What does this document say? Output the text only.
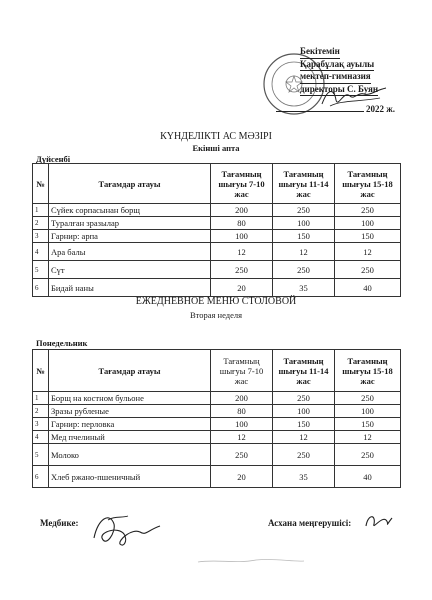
Бекітемін
Қарабұлақ ауылы
мектеп-гимназия
директоры С. Буян
2022 ж.
КҮНДЕЛІКТІ АС МӘЗІРІ
Екінші апта
Дүйсенбі
№	Тағамдар атауы	Тағамның шығуы 7-10 жас	Тағамның шығуы 11-14 жас	Тағамның шығуы 15-18 жас
1	Сүйек сорпасынан борщ	200	250	250
2	Туралған зразылар	80	100	100
3	Гарнир: арпа	100	150	150
4	Ара балы	12	12	12
5	Сүт	250	250	250
6	Бидай наны	20	35	40
ЕЖЕДНЕВНОЕ МЕНЮ СТОЛОВОЙ
Вторая неделя
Понедельник
№	Тағамдар атауы	Тағамның шығуы 7-10 жас	Тағамның шығуы 11-14 жас	Тағамның шығуы 15-18 жас
1	Борщ на костном бульоне	200	250	250
2	Зразы рубленые	80	100	100
3	Гарнир: перловка	100	150	150
4	Мед пчелиный	12	12	12
5	Молоко	250	250	250
6	Хлеб ржано-пшеничный	20	35	40
Медбике:	Асхана меңгерушісі:
